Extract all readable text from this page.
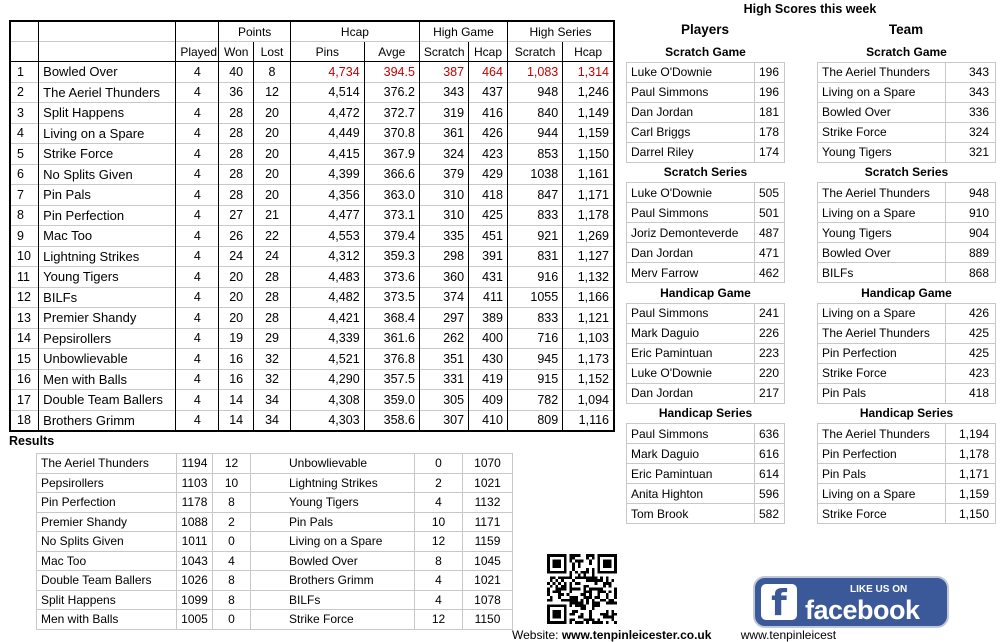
			Points		Hcap		High Game		High Series	
		Played	Won	Lost	Pins	Avge	Scratch	Hcap	Scratch	Hcap
1	Bowled Over	4	40	8	4,734	394.5	387	464	1,083	1,314
2	The Aeriel Thunders	4	36	12	4,514	376.2	343	437	948	1,246
3	Split Happens	4	28	20	4,472	372.7	319	416	840	1,149
4	Living on a Spare	4	28	20	4,449	370.8	361	426	944	1,159
5	Strike Force	4	28	20	4,415	367.9	324	423	853	1,150
6	No Splits Given	4	28	20	4,399	366.6	379	429	1038	1,161
7	Pin Pals	4	28	20	4,356	363.0	310	418	847	1,171
8	Pin Perfection	4	27	21	4,477	373.1	310	425	833	1,178
9	Mac Too	4	26	22	4,553	379.4	335	451	921	1,269
10	Lightning Strikes	4	24	24	4,312	359.3	298	391	831	1,127
11	Young Tigers	4	20	28	4,483	373.6	360	431	916	1,132
12	BILFs	4	20	28	4,482	373.5	374	411	1055	1,166
13	Premier Shandy	4	20	28	4,421	368.4	297	389	833	1,121
14	Pepsirollers	4	19	29	4,339	361.6	262	400	716	1,103
15	Unbowlievable	4	16	32	4,521	376.8	351	430	945	1,173
16	Men with Balls	4	16	32	4,290	357.5	331	419	915	1,152
17	Double Team Ballers	4	14	34	4,308	359.0	305	409	782	1,094
18	Brothers Grimm	4	14	34	4,303	358.6	307	410	809	1,116
Results
The Aeriel Thunders	1194	12	Unbowlievable	0	1070
Pepsirollers	1103	10	Lightning Strikes	2	1021
Pin Perfection	1178	8	Young Tigers	4	1132
Premier Shandy	1088	2	Pin Pals	10	1171
No Splits Given	1011	0	Living on a Spare	12	1159
Mac Too	1043	4	Bowled Over	8	1045
Double Team Ballers	1026	8	Brothers Grimm	4	1021
Split Happens	1099	8	BILFs	4	1078
Men with Balls	1005	0	Strike Force	12	1150
High Scores this week
Players	Team
Scratch Game	
Luke O'Downie	196
Paul Simmons	196
Dan Jordan	181
Carl Briggs	178
Darrel Riley	174
Scratch Series	
Luke O'Downie	505
Paul Simmons	501
Joriz Demonteverde	487
Dan Jordan	471
Merv Farrow	462
Handicap Game	
Paul Simmons	241
Mark Daguio	226
Eric Pamintuan	223
Luke O'Downie	220
Dan Jordan	217
Handicap Series	
Paul Simmons	636
Mark Daguio	616
Eric Pamintuan	614
Anita Highton	596
Tom Brook	582
Scratch Game	
The Aeriel Thunders	343
Living on a Spare	343
Bowled Over	336
Strike Force	324
Young Tigers	321
Scratch Series	
The Aeriel Thunders	948
Living on a Spare	910
Young Tigers	904
Bowled Over	889
BILFs	868
Handicap Game	
Living on a Spare	426
The Aeriel Thunders	425
Pin Perfection	425
Strike Force	423
Pin Pals	418
Handicap Series	
The Aeriel Thunders	1,194
Pin Perfection	1,178
Pin Pals	1,171
Living on a Spare	1,159
Strike Force	1,150
f	LIKE US ON
facebook
Website: www.tenpinleicester.co.uk www.tenpinleicest
